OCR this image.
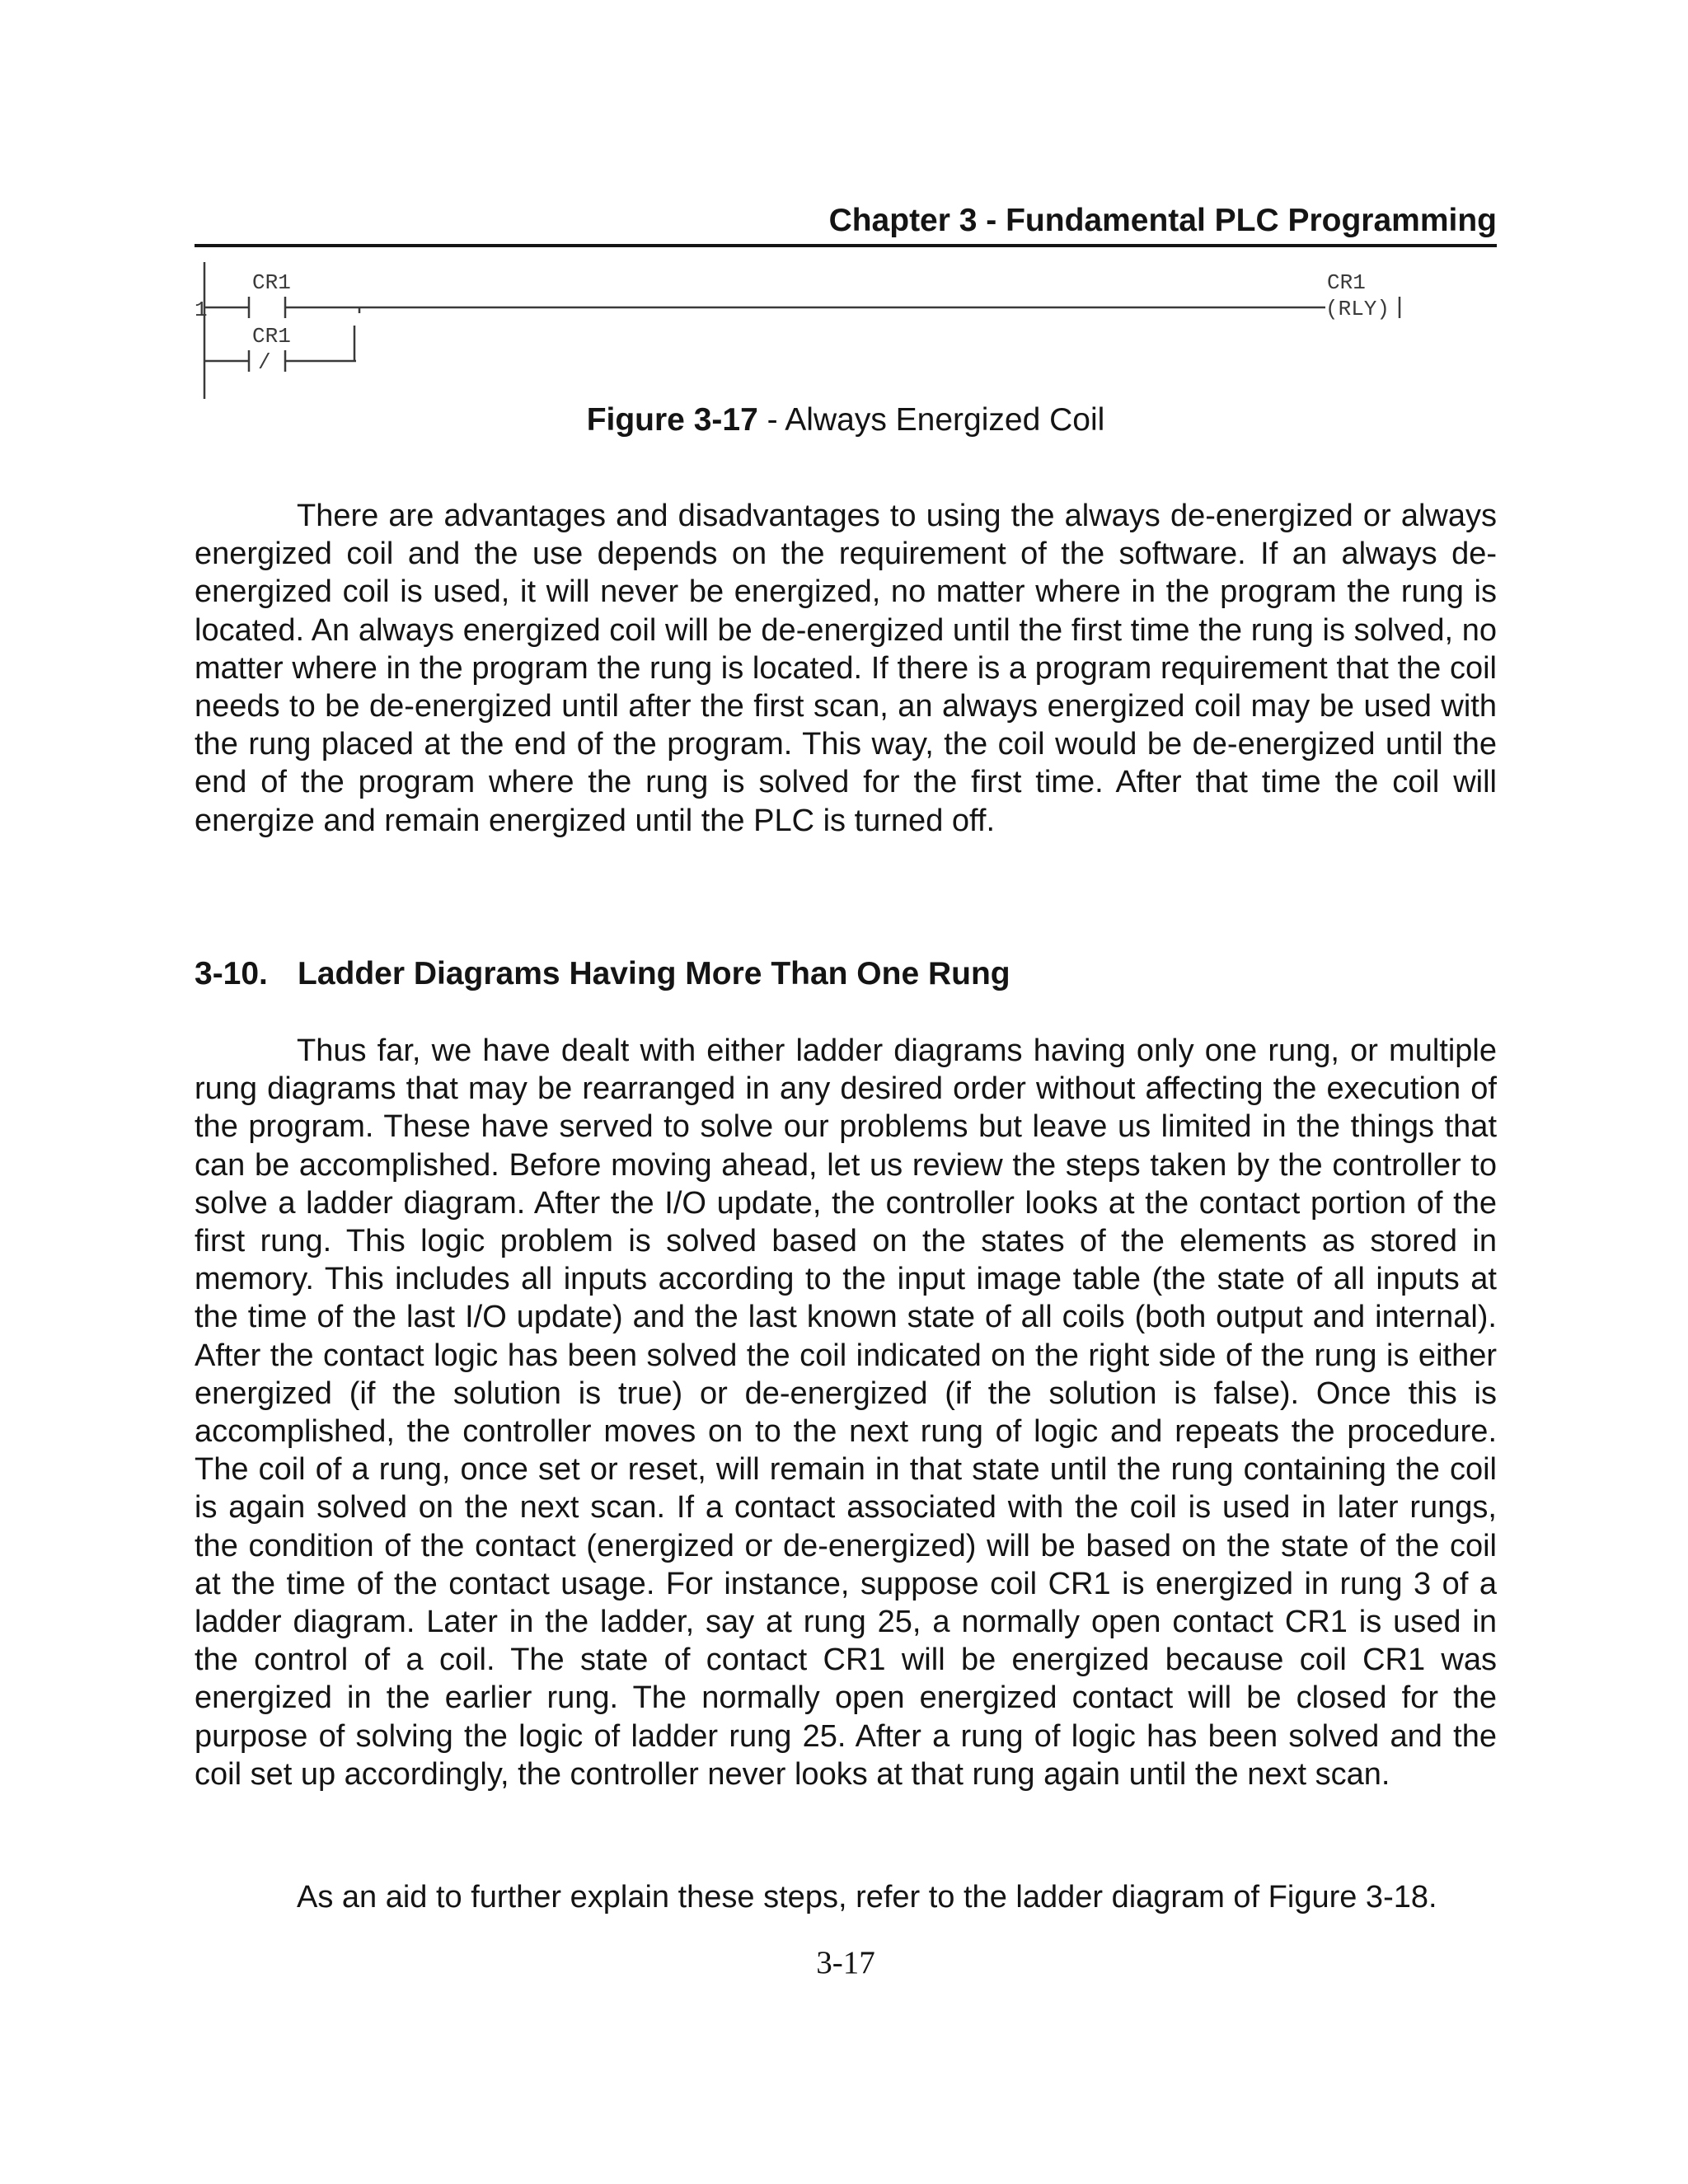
Chapter 3 - Fundamental PLC Programming
1
CR1
CR1
/
CR1
(RLY)
Figure 3-17 - Always Energized Coil

There are advantages and disadvantages to using the always de-energized or always energized coil and the use depends on the requirement of the software. If an always de-energized coil is used, it will never be energized, no matter where in the program the rung is located. An always energized coil will be de-energized until the first time the rung is solved, no matter where in the program the rung is located. If there is a program requirement that the coil needs to be de-energized until after the first scan, an always energized coil may be used with the rung placed at the end of the program. This way, the coil would be de-energized until the end of the program where the rung is solved for the first time. After that time the coil will energize and remain energized until the PLC is turned off.

3-10. Ladder Diagrams Having More Than One Rung

Thus far, we have dealt with either ladder diagrams having only one rung, or multiple rung diagrams that may be rearranged in any desired order without affecting the execution of the program. These have served to solve our problems but leave us limited in the things that can be accomplished. Before moving ahead, let us review the steps taken by the controller to solve a ladder diagram. After the I/O update, the controller looks at the contact portion of the first rung. This logic problem is solved based on the states of the elements as stored in memory. This includes all inputs according to the input image table (the state of all inputs at the time of the last I/O update) and the last known state of all coils (both output and internal). After the contact logic has been solved the coil indicated on the right side of the rung is either energized (if the solution is true) or de-energized (if the solution is false). Once this is accomplished, the controller moves on to the next rung of logic and repeats the procedure. The coil of a rung, once set or reset, will remain in that state until the rung containing the coil is again solved on the next scan. If a contact associated with the coil is used in later rungs, the condition of the contact (energized or de-energized) will be based on the state of the coil at the time of the contact usage. For instance, suppose coil CR1 is energized in rung 3 of a ladder diagram. Later in the ladder, say at rung 25, a normally open contact CR1 is used in the control of a coil. The state of contact CR1 will be energized because coil CR1 was energized in the earlier rung. The normally open energized contact will be closed for the purpose of solving the logic of ladder rung 25. After a rung of logic has been solved and the coil set up accordingly, the controller never looks at that rung again until the next scan.

As an aid to further explain these steps, refer to the ladder diagram of Figure 3-18.

3-17
